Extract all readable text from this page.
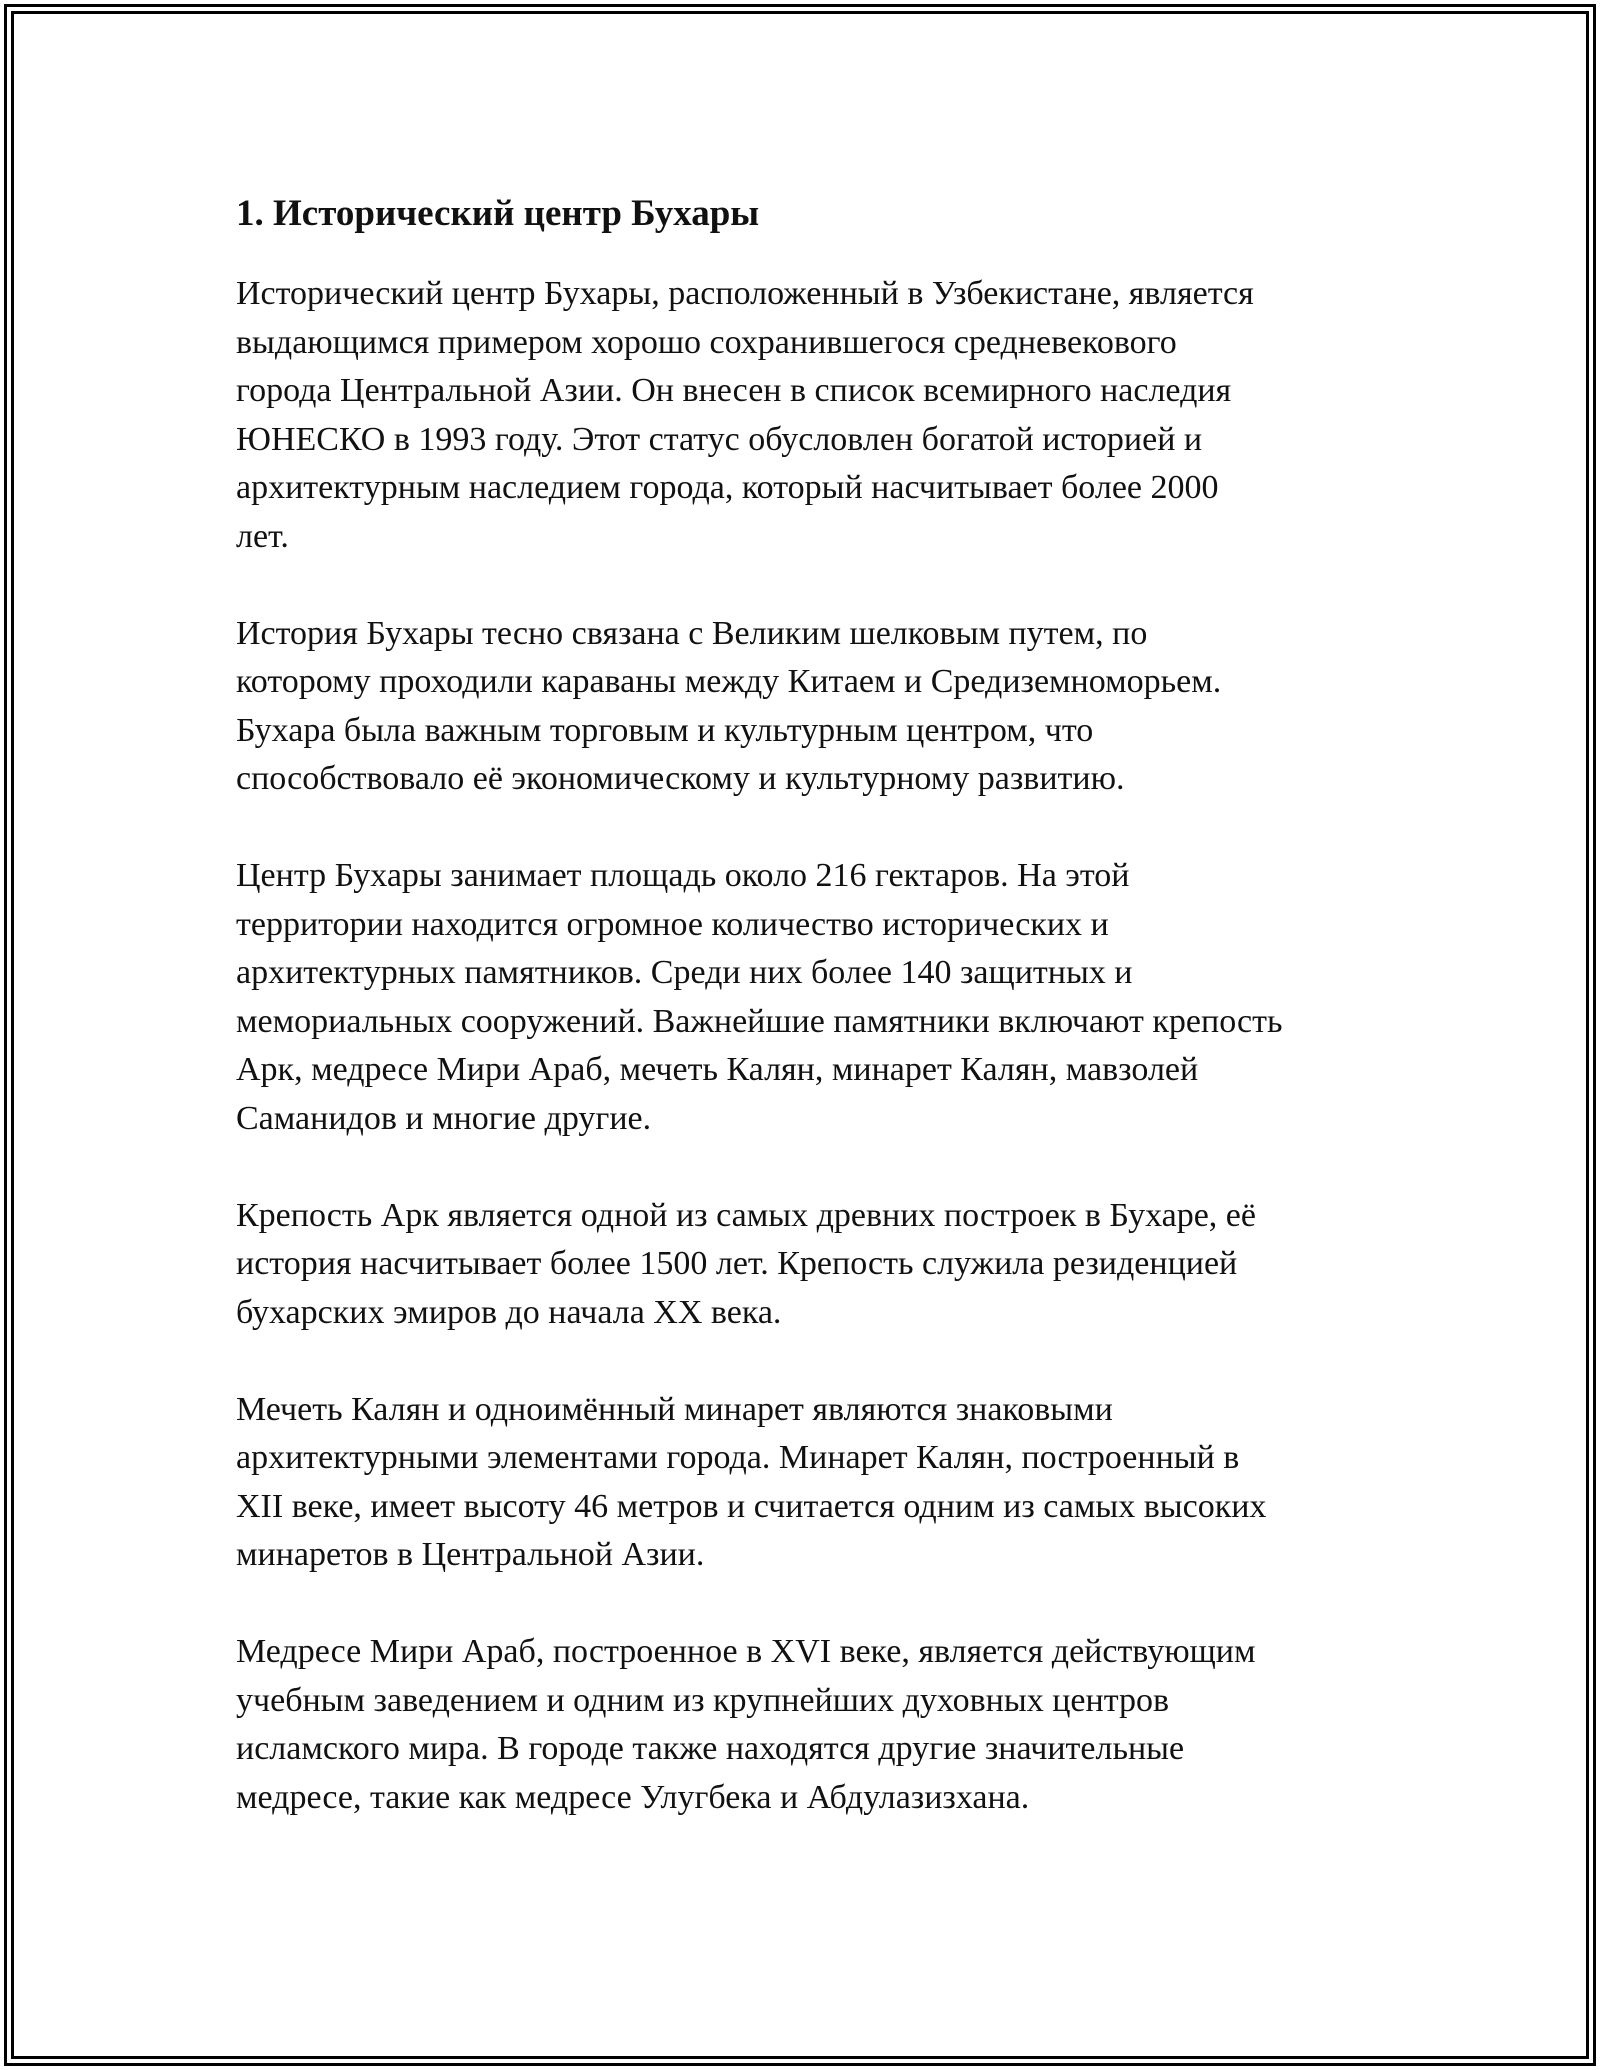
1. Исторический центр Бухары

Исторический центр Бухары, расположенный в Узбекистане, является
выдающимся примером хорошо сохранившегося средневекового
города Центральной Азии. Он внесен в список всемирного наследия
ЮНЕСКО в 1993 году. Этот статус обусловлен богатой историей и
архитектурным наследием города, который насчитывает более 2000
лет.

История Бухары тесно связана с Великим шелковым путем, по
которому проходили караваны между Китаем и Средиземноморьем.
Бухара была важным торговым и культурным центром, что
способствовало её экономическому и культурному развитию.

Центр Бухары занимает площадь около 216 гектаров. На этой
территории находится огромное количество исторических и
архитектурных памятников. Среди них более 140 защитных и
мемориальных сооружений. Важнейшие памятники включают крепость
Арк, медресе Мири Араб, мечеть Калян, минарет Калян, мавзолей
Саманидов и многие другие.

Крепость Арк является одной из самых древних построек в Бухаре, её
история насчитывает более 1500 лет. Крепость служила резиденцией
бухарских эмиров до начала XX века.

Мечеть Калян и одноимённый минарет являются знаковыми
архитектурными элементами города. Минарет Калян, построенный в
XII веке, имеет высоту 46 метров и считается одним из самых высоких
минаретов в Центральной Азии.

Медресе Мири Араб, построенное в XVI веке, является действующим
учебным заведением и одним из крупнейших духовных центров
исламского мира. В городе также находятся другие значительные
медресе, такие как медресе Улугбека и Абдулазизхана.
